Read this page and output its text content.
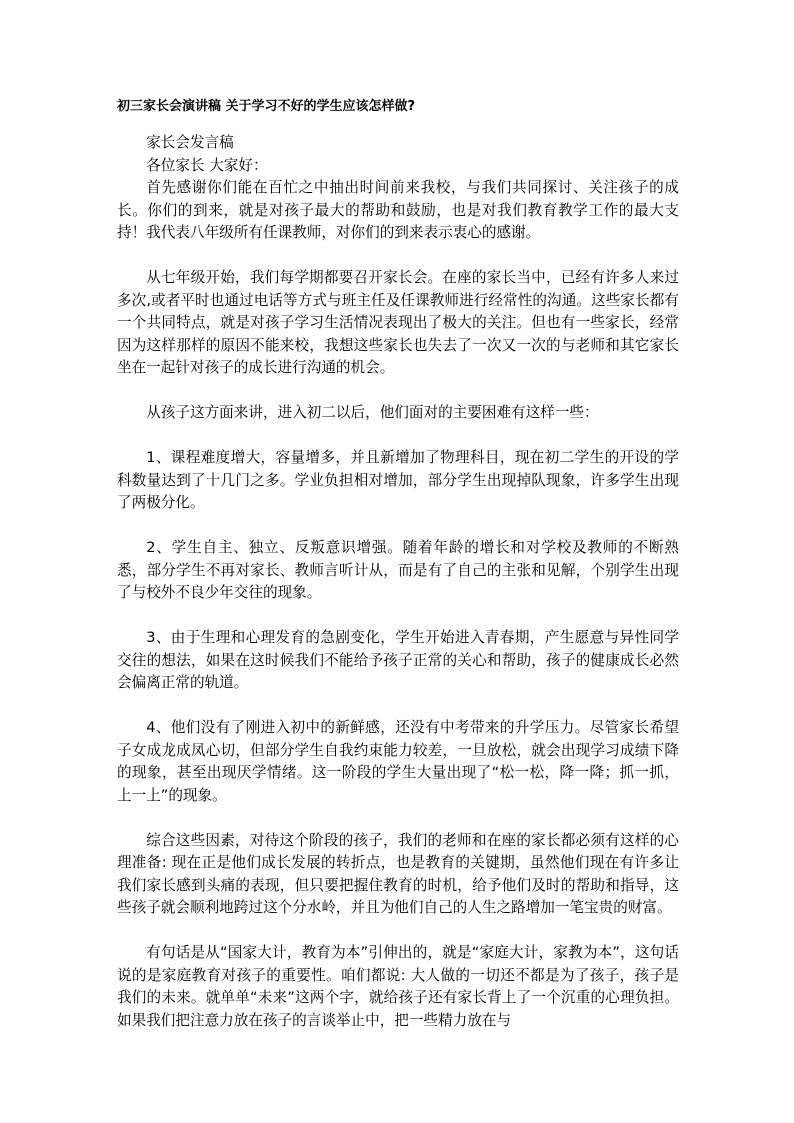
初三家长会演讲稿 关于学习不好的学生应该怎样做?

家长会发言稿

各位家长 大家好：

首先感谢你们能在百忙之中抽出时间前来我校，与我们共同探讨、关注孩子的成长。你们的到来，就是对孩子最大的帮助和鼓励，也是对我们教育教学工作的最大支持！我代表八年级所有任课教师，对你们的到来表示衷心的感谢。

从七年级开始，我们每学期都要召开家长会。在座的家长当中，已经有许多人来过多次,或者平时也通过电话等方式与班主任及任课教师进行经常性的沟通。这些家长都有一个共同特点，就是对孩子学习生活情况表现出了极大的关注。但也有一些家长，经常因为这样那样的原因不能来校，我想这些家长也失去了一次又一次的与老师和其它家长坐在一起针对孩子的成长进行沟通的机会。

从孩子这方面来讲，进入初二以后，他们面对的主要困难有这样一些：

1、课程难度增大，容量增多，并且新增加了物理科目，现在初二学生的开设的学科数量达到了十几门之多。学业负担相对增加，部分学生出现掉队现象，许多学生出现了两极分化。

2、学生自主、独立、反叛意识增强。随着年龄的增长和对学校及教师的不断熟悉，部分学生不再对家长、教师言听计从，而是有了自己的主张和见解，个别学生出现了与校外不良少年交往的现象。

3、由于生理和心理发育的急剧变化，学生开始进入青春期，产生愿意与异性同学交往的想法，如果在这时候我们不能给予孩子正常的关心和帮助，孩子的健康成长必然会偏离正常的轨道。

4、他们没有了刚进入初中的新鲜感，还没有中考带来的升学压力。尽管家长希望子女成龙成凤心切，但部分学生自我约束能力较差，一旦放松，就会出现学习成绩下降的现象，甚至出现厌学情绪。这一阶段的学生大量出现了“松一松，降一降；抓一抓，上一上”的现象。

综合这些因素，对待这个阶段的孩子，我们的老师和在座的家长都必须有这样的心理准备: 现在正是他们成长发展的转折点，也是教育的关键期，虽然他们现在有许多让我们家长感到头痛的表现，但只要把握住教育的时机，给予他们及时的帮助和指导，这些孩子就会顺利地跨过这个分水岭，并且为他们自己的人生之路增加一笔宝贵的财富。

有句话是从“国家大计，教育为本”引伸出的，就是“家庭大计，家教为本”，这句话说的是家庭教育对孩子的重要性。咱们都说: 大人做的一切还不都是为了孩子，孩子是我们的未来。就单单“未来”这两个字，就给孩子还有家长背上了一个沉重的心理负担。如果我们把注意力放在孩子的言谈举止中，把一些精力放在与
